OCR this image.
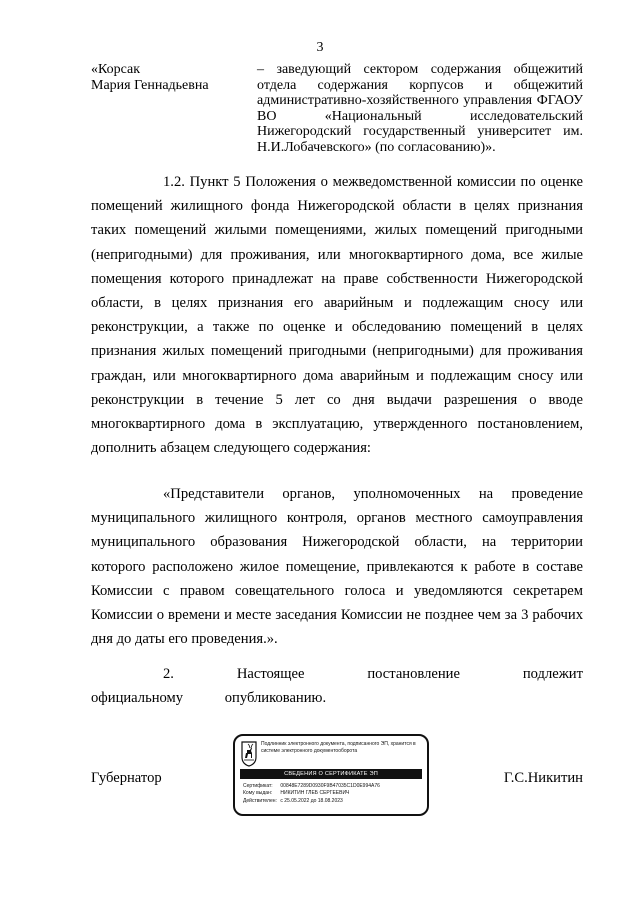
3
«Корсак
Мария Геннадьевна
– заведующий сектором содержания общежитий отдела содержания корпусов и общежитий административно-хозяйственного управления ФГАОУ ВО «Национальный исследовательский Нижегородский государственный университет им. Н.И.Лобачевского» (по согласованию)».

1.2. Пункт 5 Положения о межведомственной комиссии по оценке помещений жилищного фонда Нижегородской области в целях признания таких помещений жилыми помещениями, жилых помещений пригодными (непригодными) для проживания, или многоквартирного дома, все жилые помещения которого принадлежат на праве собственности Нижегородской области, в целях признания его аварийным и подлежащим сносу или реконструкции, а также по оценке и обследованию помещений в целях признания жилых помещений пригодными (непригодными) для проживания граждан, или многоквартирного дома аварийным и подлежащим сносу или реконструкции в течение 5 лет со дня выдачи разрешения о вводе многоквартирного дома в эксплуатацию, утвержденного постановлением, дополнить абзацем следующего содержания:

«Представители органов, уполномоченных на проведение муниципального жилищного контроля, органов местного самоуправления муниципального образования Нижегородской области, на территории которого расположено жилое помещение, привлекаются к работе в составе Комиссии с правом совещательного голоса и уведомляются секретарем Комиссии о времени и месте заседания Комиссии не позднее чем за 3 рабочих дня до даты его проведения.».

2. Настоящее постановление подлежит официальному опубликованию.

Губернатор	Г.С.Никитин
Подлинник электронного документа, подписанного ЭП, хранится в системе электронного документооборота
СВЕДЕНИЯ О СЕРТИФИКАТЕ ЭП
Сертификат: 00848E7289D0930F9B47035C1D0E994A76
Кому выдан: НИКИТИН ГЛЕБ СЕРГЕЕВИЧ
Действителен: с 25.05.2022 до 18.08.2023
